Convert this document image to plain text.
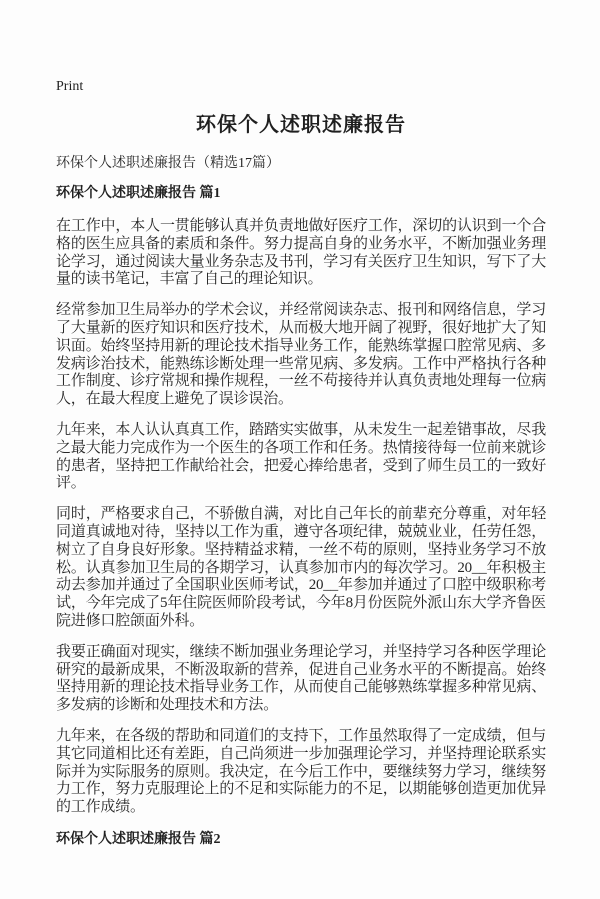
Print
环保个人述职述廉报告

环保个人述职述廉报告（精选17篇）

环保个人述职述廉报告 篇1

在工作中，本人一贯能够认真并负责地做好医疗工作，深切的认识到一个合格的医生应具备的素质和条件。努力提高自身的业务水平，不断加强业务理论学习，通过阅读大量业务杂志及书刊，学习有关医疗卫生知识，写下了大量的读书笔记，丰富了自己的理论知识。

经常参加卫生局举办的学术会议，并经常阅读杂志、报刊和网络信息，学习了大量新的医疗知识和医疗技术，从而极大地开阔了视野，很好地扩大了知识面。始终坚持用新的理论技术指导业务工作，能熟练掌握口腔常见病、多发病诊治技术，能熟练诊断处理一些常见病、多发病。工作中严格执行各种工作制度、诊疗常规和操作规程，一丝不苟接待并认真负责地处理每一位病人，在最大程度上避免了误诊误治。

九年来，本人认认真真工作，踏踏实实做事，从未发生一起差错事故，尽我之最大能力完成作为一个医生的各项工作和任务。热情接待每一位前来就诊的患者，坚持把工作献给社会，把爱心捧给患者，受到了师生员工的一致好评。

同时，严格要求自己，不骄傲自满，对比自己年长的前辈充分尊重，对年轻同道真诚地对待，坚持以工作为重，遵守各项纪律，兢兢业业，任劳任怨，树立了自身良好形象。坚持精益求精，一丝不苟的原则，坚持业务学习不放松。认真参加卫生局的各期学习，认真参加市内的每次学习。20__年积极主动去参加并通过了全国职业医师考试，20__年参加并通过了口腔中级职称考试，今年完成了5年住院医师阶段考试，今年8月份医院外派山东大学齐鲁医院进修口腔颌面外科。

我要正确面对现实，继续不断加强业务理论学习，并坚持学习各种医学理论研究的最新成果，不断汲取新的营养，促进自己业务水平的不断提高。始终坚持用新的理论技术指导业务工作，从而使自己能够熟练掌握多种常见病、多发病的诊断和处理技术和方法。

九年来，在各级的帮助和同道们的支持下，工作虽然取得了一定成绩，但与其它同道相比还有差距，自己尚须进一步加强理论学习，并坚持理论联系实际并为实际服务的原则。我决定，在今后工作中，要继续努力学习，继续努力工作，努力克服理论上的不足和实际能力的不足，以期能够创造更加优异的工作成绩。

环保个人述职述廉报告 篇2
